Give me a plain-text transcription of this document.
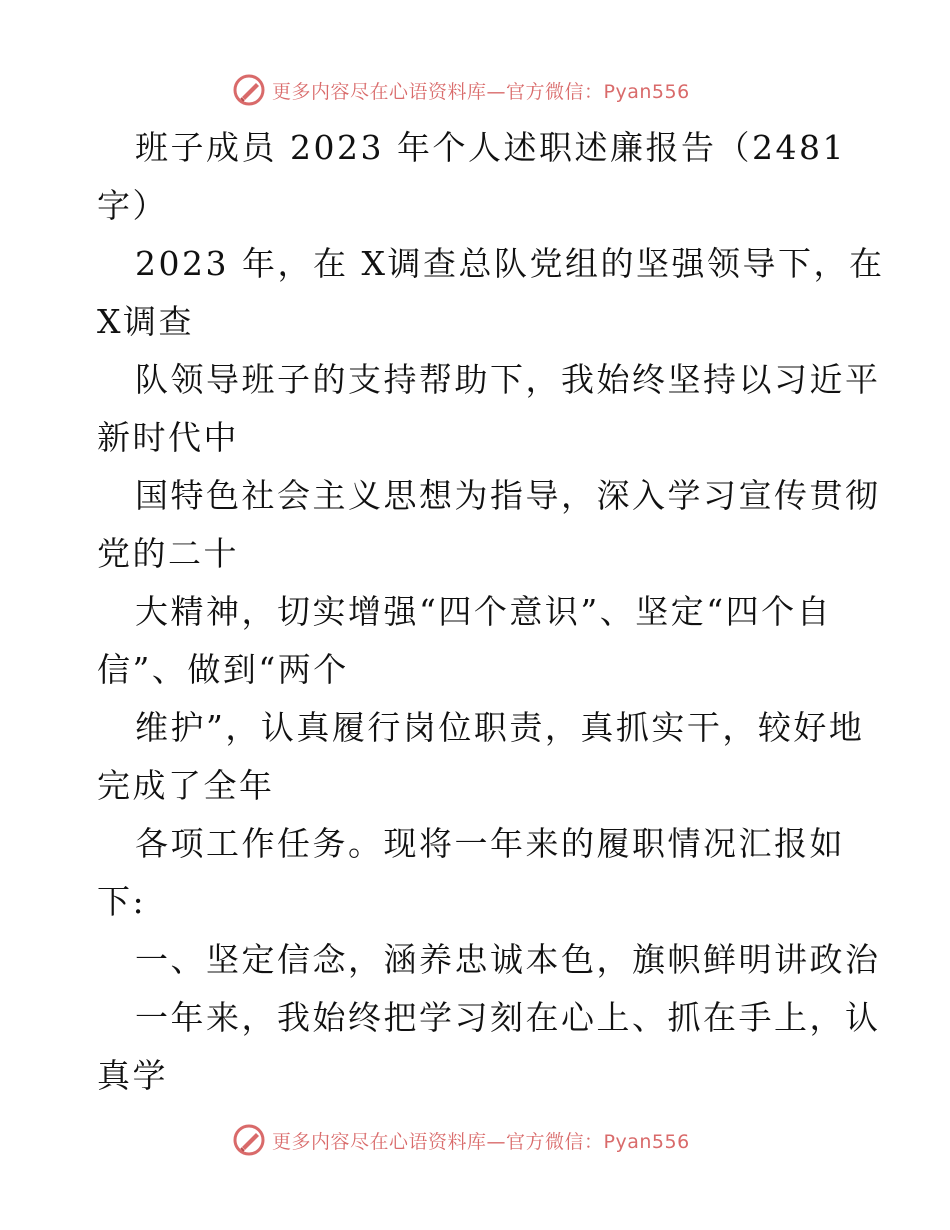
更多内容尽在心语资料库—官方微信：Pyan556
班子成员 2023 年个人述职述廉报告（2481
字）
2023 年，在 X调查总队党组的坚强领导下，在
X调查
队领导班子的支持帮助下，我始终坚持以习近平
新时代中
国特色社会主义思想为指导，深入学习宣传贯彻
党的二十
大精神，切实增强“四个意识”、坚定“四个自
信”、做到“两个
维护”，认真履行岗位职责，真抓实干，较好地
完成了全年
各项工作任务。现将一年来的履职情况汇报如
下:
一、坚定信念，涵养忠诚本色，旗帜鲜明讲政治
一年来，我始终把学习刻在心上、抓在手上，认
真学
更多内容尽在心语资料库—官方微信：Pyan556
